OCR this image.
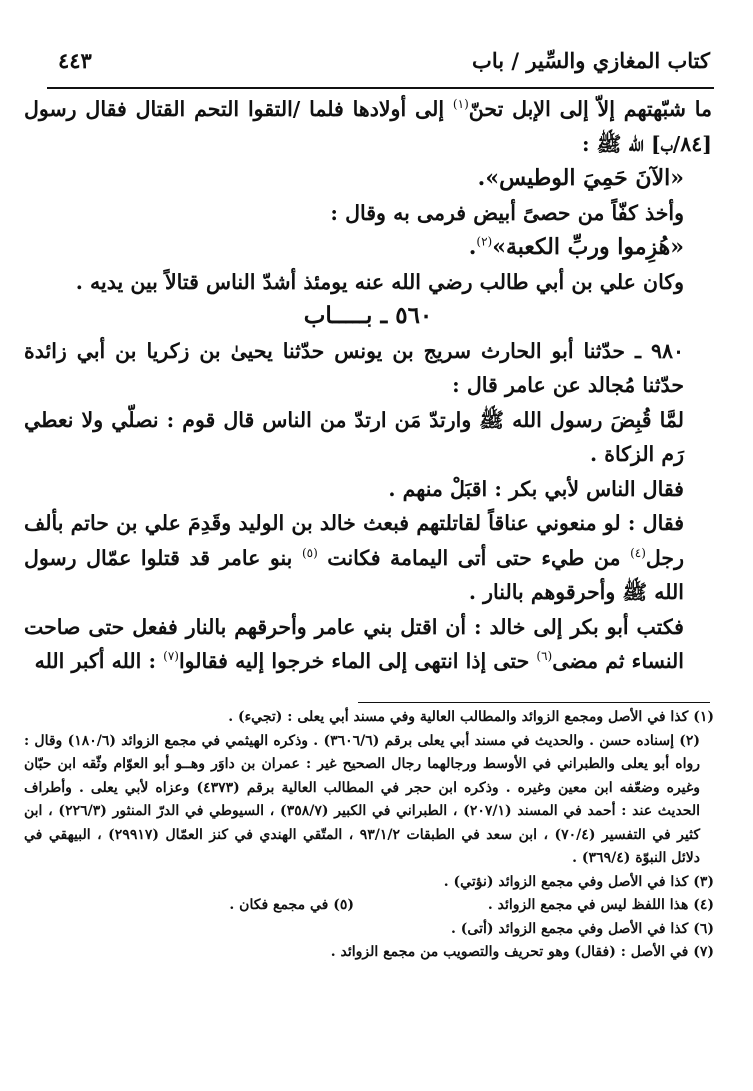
كتاب المغازي والسِّير / باب
٤٤٣

ما شبّهتهم إلاّ إلى الإبل تحنّ$^{(١)}$ إلى أولادها فلما /التقوا التحم القتال فقال رسول [٨٤/ب] الله ﷺ :

«الآنَ حَمِيَ الوطيس».

وأخذ كفّاً من حصىً أبيض فرمى به وقال :

«هُزِموا وربِّ الكعبة»$^{(٢)}$.

وكان علي بن أبي طالب رضي الله عنه يومئذ أشدّ الناس قتالاً بين يديه .

٥٦٠ ـ بـــــاب

٩٨٠ ـ حدّثنا أبو الحارث سريج بن يونس حدّثنا يحيىٰ بن زكريا بن أبي زائدة حدّثنا مُجالد عن عامر قال :

لمَّا قُبِضَ رسول الله ﷺ وارتدّ مَن ارتدّ من الناس قال قوم : نصلّي ولا نعطي رَم الزكاة .

فقال الناس لأبي بكر : اقبَلْ منهم .

فقال : لو منعوني عناقاً لقاتلتهم فبعث خالد بن الوليد وقَدِمَ علي بن حاتم بألف رجل$^{(٤)}$ من طيء حتى أتى اليمامة فكانت $^{(٥)}$ بنو عامر قد قتلوا عمّال رسول الله ﷺ وأحرقوهم بالنار .

فكتب أبو بكر إلى خالد : أن اقتل بني عامر وأحرقهم بالنار ففعل حتى صاحت النساء ثم مضى$^{(٦)}$ حتى إذا انتهى إلى الماء خرجوا إليه فقالوا$^{(٧)}$ : الله أكبر الله

(١) كذا في الأصل ومجمع الزوائد والمطالب العالية وفي مسند أبي يعلى : (تجيء) .

(٢) إسناده حسن . والحديث في مسند أبي يعلى برقم (٣٦٠٦/٦) . وذكره الهيثمي في مجمع الزوائد (١٨٠/٦) وقال : رواه أبو يعلى والطبراني في الأوسط ورجالهما رجال الصحيح غير : عمران بن داوَر وهــو أبو العوّام وثّقه ابن حبّان وغيره وضعّفه ابن معين وغيره . وذكره ابن حجر في المطالب العالية برقم (٤٣٧٣) وعزاه لأبي يعلى . وأطراف الحديث عند : أحمد في المسند (٢٠٧/١) ، الطبراني في الكبير (٣٥٨/٧) ، السيوطي في الدرّ المنثور (٢٢٦/٣) ، ابن كثير في التفسير (٧٠/٤) ، ابن سعد في الطبقات ٩٣/١/٢ ، المتّقي الهندي في كنز العمّال (٢٩٩١٧) ، البيهقي في دلائل النبوّة (٣٦٩/٤) .

(٣) كذا في الأصل وفي مجمع الزوائد (نؤتي) .

(٤) هذا اللفظ ليس في مجمع الزوائد .

(٥) في مجمع فكان .

(٦) كذا في الأصل وفي مجمع الزوائد (أتى) .

(٧) في الأصل : (فقال) وهو تحريف والتصويب من مجمع الزوائد .
